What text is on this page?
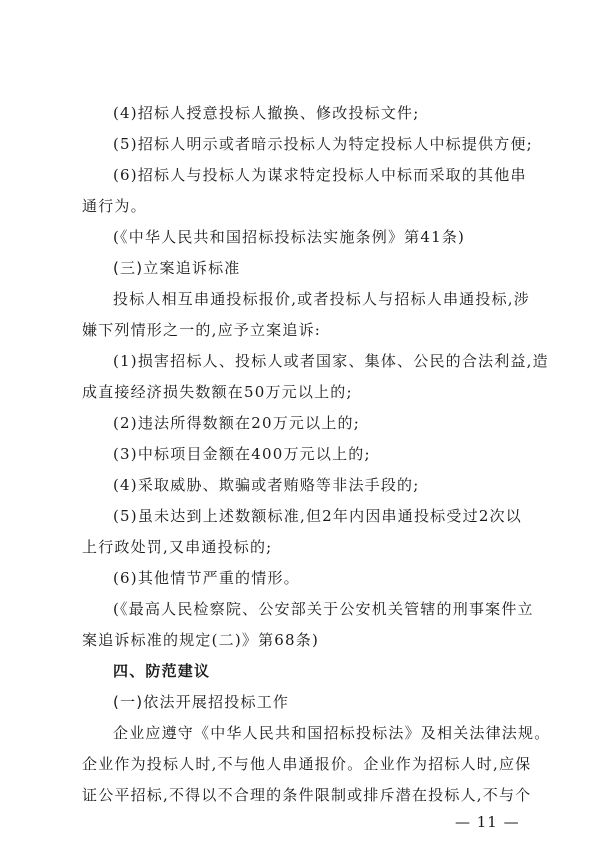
(4)招标人授意投标人撤换、修改投标文件;
(5)招标人明示或者暗示投标人为特定投标人中标提供方便;
(6)招标人与投标人为谋求特定投标人中标而采取的其他串
通行为。
(《中华人民共和国招标投标法实施条例》第41条)
(三)立案追诉标准
投标人相互串通投标报价,或者投标人与招标人串通投标,涉
嫌下列情形之一的,应予立案追诉:
(1)损害招标人、投标人或者国家、集体、公民的合法利益,造
成直接经济损失数额在50万元以上的;
(2)违法所得数额在20万元以上的;
(3)中标项目金额在400万元以上的;
(4)采取威胁、欺骗或者贿赂等非法手段的;
(5)虽未达到上述数额标准,但2年内因串通投标受过2次以
上行政处罚,又串通投标的;
(6)其他情节严重的情形。
(《最高人民检察院、公安部关于公安机关管辖的刑事案件立
案追诉标准的规定(二)》第68条)
四、防范建议
(一)依法开展招投标工作
企业应遵守《中华人民共和国招标投标法》及相关法律法规。
企业作为投标人时,不与他人串通报价。企业作为招标人时,应保
证公平招标,不得以不合理的条件限制或排斥潜在投标人,不与个
— 11 —
